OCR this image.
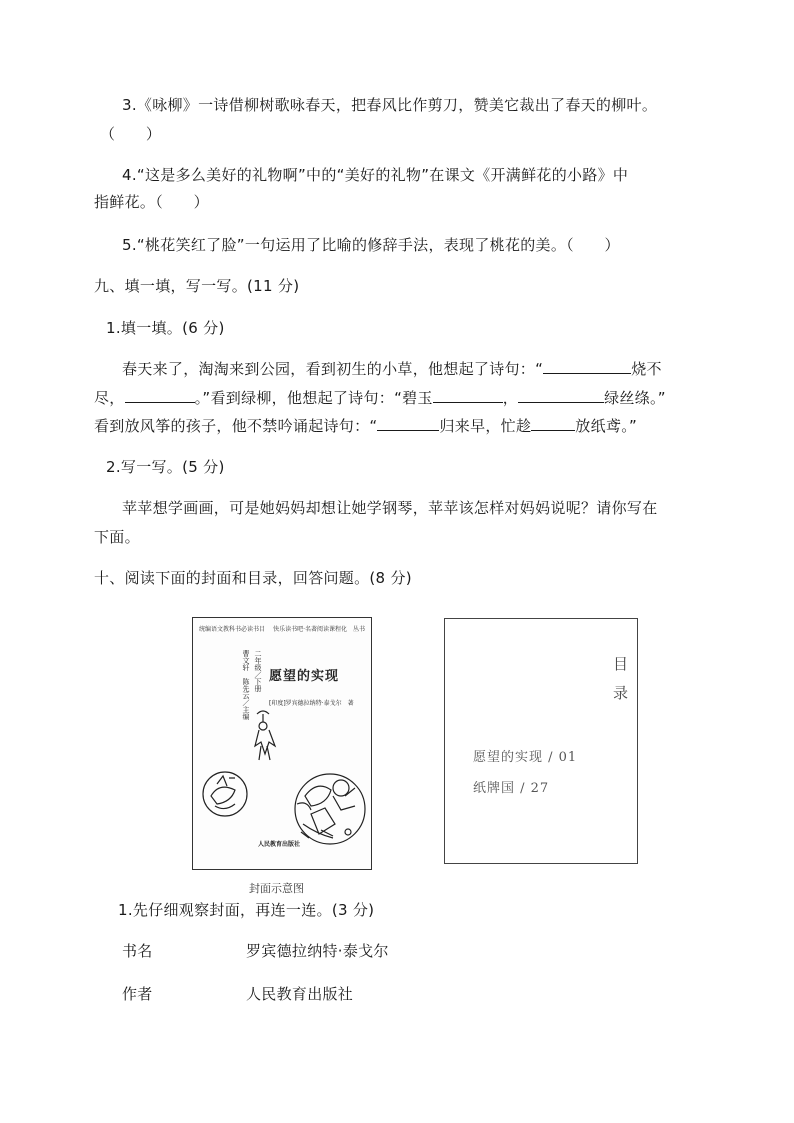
3.《咏柳》一诗借柳树歌咏春天，把春风比作剪刀，赞美它裁出了春天的柳叶。
（　　）
4.“这是多么美好的礼物啊”中的“美好的礼物”在课文《开满鲜花的小路》中
指鲜花。（　　）
5.“桃花笑红了脸”一句运用了比喻的修辞手法，表现了桃花的美。（　　）
九、填一填，写一写。(11 分)
1.填一填。(6 分)
春天来了，淘淘来到公园，看到初生的小草，他想起了诗句：“	烧不
尽，	。”看到绿柳，他想起了诗句：“碧玉	，	绿丝绦。”
看到放风筝的孩子，他不禁吟诵起诗句：“	归来早，忙趁	放纸鸢。”
2.写一写。(5 分)
苹苹想学画画，可是她妈妈却想让她学钢琴，苹苹该怎样对妈妈说呢？请你写在
下面。
十、阅读下面的封面和目录，回答问题。(8 分)
统编语文教科书必读书目 快乐读书吧·名著阅读课程化　丛书
二年级／下册
曹文轩　陈先云／主编 愿望的实现
[印度]罗宾德拉纳特·泰戈尔　著
人民教育出版社
封面示意图
目
录
愿望的实现 / 01
纸牌国 / 27
1.先仔细观察封面，再连一连。(3 分)
书名	罗宾德拉纳特·泰戈尔
作者	人民教育出版社
